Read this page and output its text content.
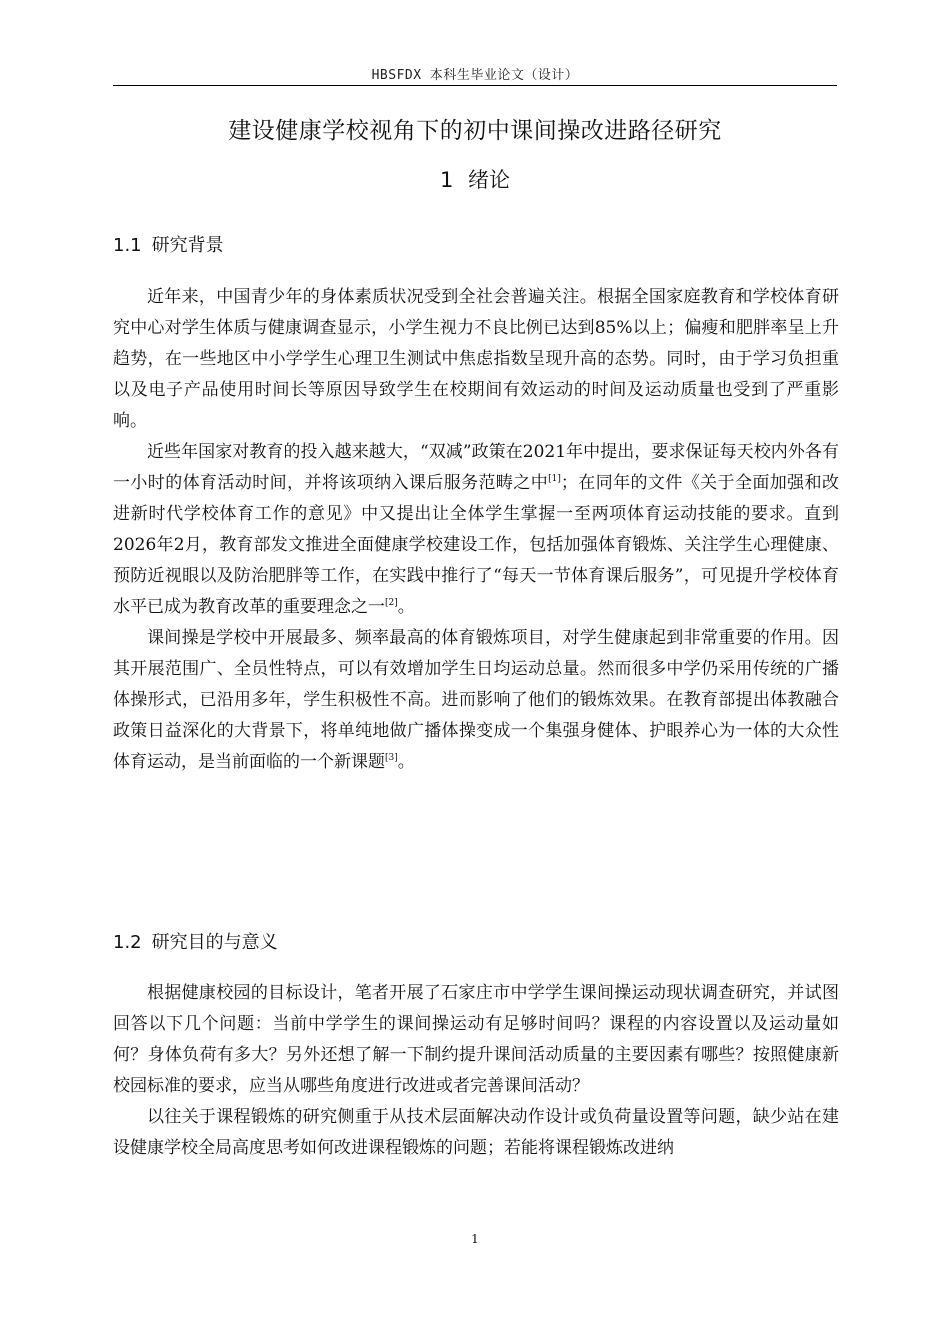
HBSFDX 本科生毕业论文（设计）
建设健康学校视角下的初中课间操改进路径研究
1 绪论
1.1 研究背景

近年来，中国青少年的身体素质状况受到全社会普遍关注。根据全国家庭教育和学校体育研究中心对学生体质与健康调查显示，小学生视力不良比例已达到85%以上；偏瘦和肥胖率呈上升趋势，在一些地区中小学学生心理卫生测试中焦虑指数呈现升高的态势。同时，由于学习负担重以及电子产品使用时间长等原因导致学生在校期间有效运动的时间及运动质量也受到了严重影响。

近些年国家对教育的投入越来越大，“双减”政策在2021年中提出，要求保证每天校内外各有一小时的体育活动时间，并将该项纳入课后服务范畴之中[1]；在同年的文件《关于全面加强和改进新时代学校体育工作的意见》中又提出让全体学生掌握一至两项体育运动技能的要求。直到2026年2月，教育部发文推进全面健康学校建设工作，包括加强体育锻炼、关注学生心理健康、预防近视眼以及防治肥胖等工作，在实践中推行了“每天一节体育课后服务”，可见提升学校体育水平已成为教育改革的重要理念之一[2]。

课间操是学校中开展最多、频率最高的体育锻炼项目，对学生健康起到非常重要的作用。因其开展范围广、全员性特点，可以有效增加学生日均运动总量。然而很多中学仍采用传统的广播体操形式，已沿用多年，学生积极性不高。进而影响了他们的锻炼效果。在教育部提出体教融合政策日益深化的大背景下，将单纯地做广播体操变成一个集强身健体、护眼养心为一体的大众性体育运动，是当前面临的一个新课题[3]。

1.2 研究目的与意义

根据健康校园的目标设计，笔者开展了石家庄市中学学生课间操运动现状调查研究，并试图回答以下几个问题：当前中学学生的课间操运动有足够时间吗？课程的内容设置以及运动量如何？身体负荷有多大？另外还想了解一下制约提升课间活动质量的主要因素有哪些？按照健康新校园标准的要求，应当从哪些角度进行改进或者完善课间活动？

以往关于课程锻炼的研究侧重于从技术层面解决动作设计或负荷量设置等问题，缺少站在建设健康学校全局高度思考如何改进课程锻炼的问题；若能将课程锻炼改进纳

1
